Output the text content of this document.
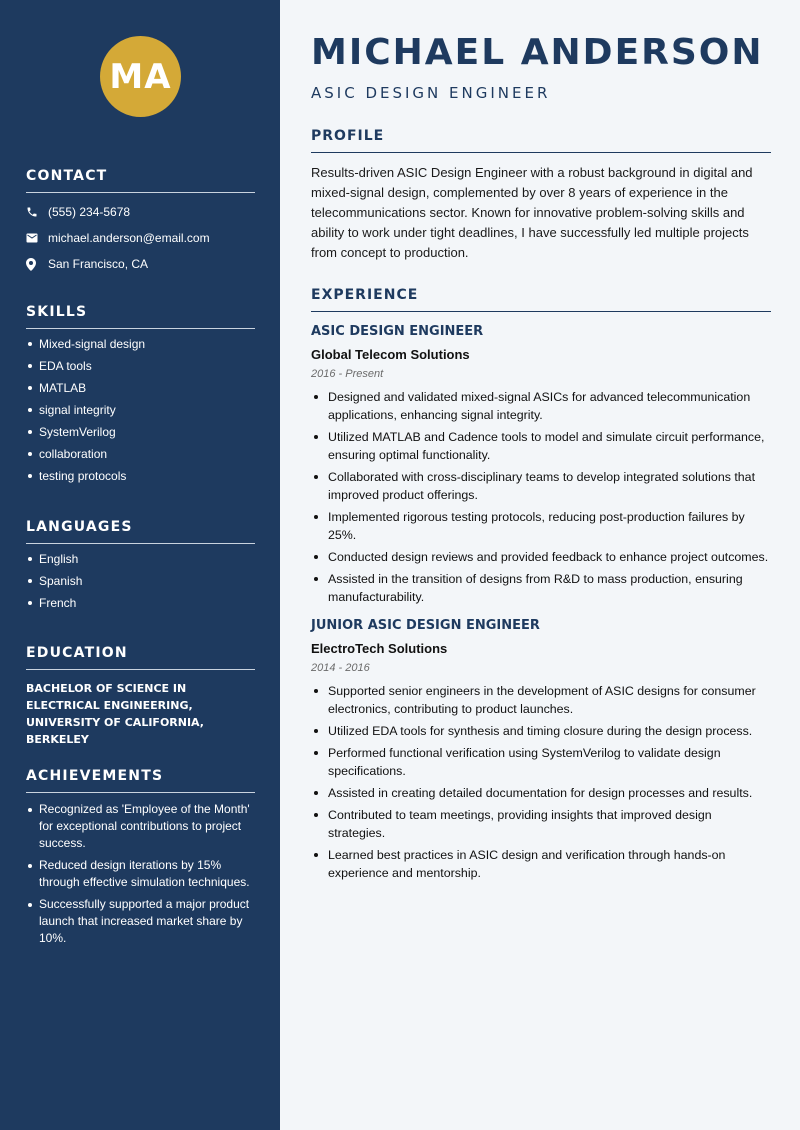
MA
CONTACT
(555) 234-5678
michael.anderson@email.com
San Francisco, CA
SKILLS
Mixed-signal design
EDA tools
MATLAB
signal integrity
SystemVerilog
collaboration
testing protocols
LANGUAGES
English
Spanish
French
EDUCATION
BACHELOR OF SCIENCE IN ELECTRICAL ENGINEERING, UNIVERSITY OF CALIFORNIA, BERKELEY
ACHIEVEMENTS
Recognized as 'Employee of the Month' for exceptional contributions to project success.
Reduced design iterations by 15% through effective simulation techniques.
Successfully supported a major product launch that increased market share by 10%.
MICHAEL ANDERSON
ASIC DESIGN ENGINEER
PROFILE
Results-driven ASIC Design Engineer with a robust background in digital and mixed-signal design, complemented by over 8 years of experience in the telecommunications sector. Known for innovative problem-solving skills and ability to work under tight deadlines, I have successfully led multiple projects from concept to production.
EXPERIENCE
ASIC DESIGN ENGINEER
Global Telecom Solutions
2016 - Present
Designed and validated mixed-signal ASICs for advanced telecommunication applications, enhancing signal integrity.
Utilized MATLAB and Cadence tools to model and simulate circuit performance, ensuring optimal functionality.
Collaborated with cross-disciplinary teams to develop integrated solutions that improved product offerings.
Implemented rigorous testing protocols, reducing post-production failures by 25%.
Conducted design reviews and provided feedback to enhance project outcomes.
Assisted in the transition of designs from R&D to mass production, ensuring manufacturability.
JUNIOR ASIC DESIGN ENGINEER
ElectroTech Solutions
2014 - 2016
Supported senior engineers in the development of ASIC designs for consumer electronics, contributing to product launches.
Utilized EDA tools for synthesis and timing closure during the design process.
Performed functional verification using SystemVerilog to validate design specifications.
Assisted in creating detailed documentation for design processes and results.
Contributed to team meetings, providing insights that improved design strategies.
Learned best practices in ASIC design and verification through hands-on experience and mentorship.
